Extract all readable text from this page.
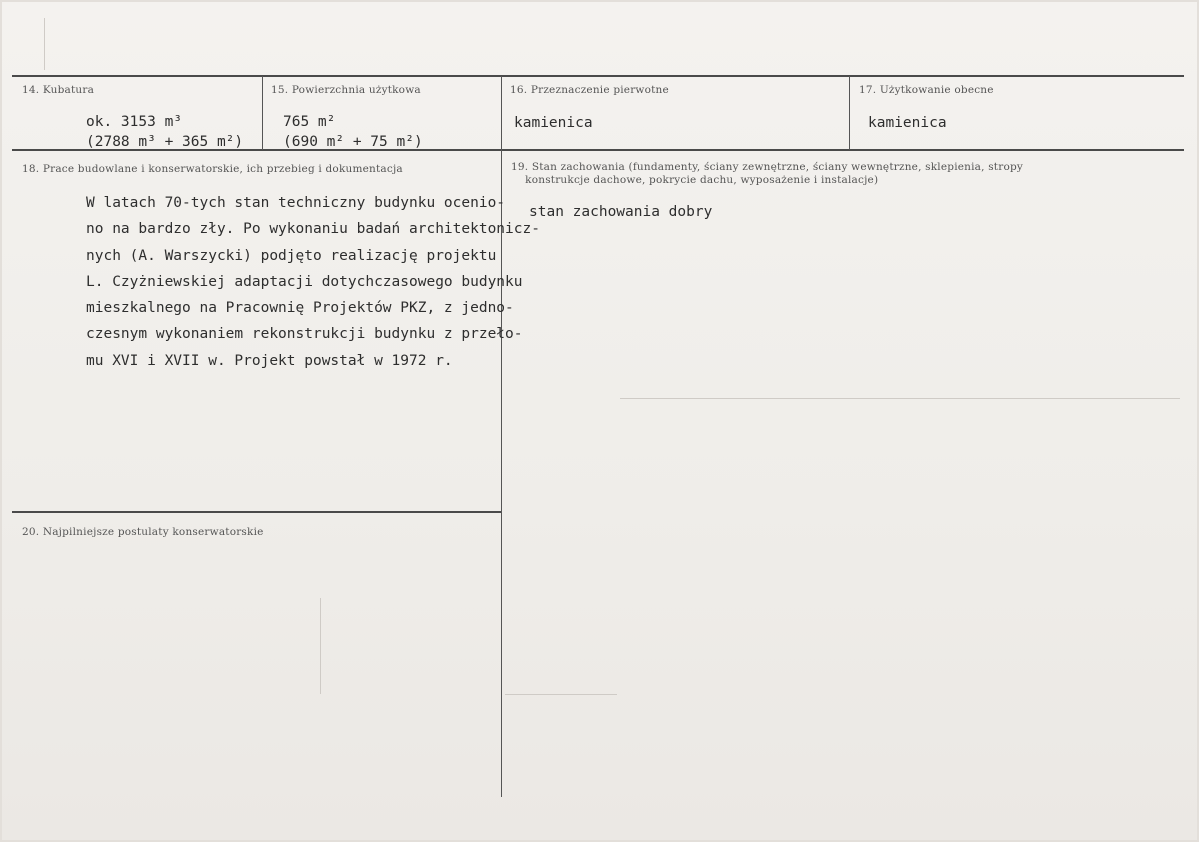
14. Kubatura
ok. 3153 m³
(2788 m³ + 365 m²)
15. Powierzchnia użytkowa
765 m²
(690 m² + 75 m²)
16. Przeznaczenie pierwotne
kamienica
17. Użytkowanie obecne
kamienica
18. Prace budowlane i konserwatorskie, ich przebieg i dokumentacja
W latach 70-tych stan techniczny budynku ocenio-
no na bardzo zły. Po wykonaniu badań architektonicz-
nych (A. Warszycki) podjęto realizację projektu
L. Czyżniewskiej adaptacji dotychczasowego budynku
mieszkalnego na Pracownię Projektów PKZ, z jedno-
czesnym wykonaniem rekonstrukcji budynku z przeło-
mu XVI i XVII w. Projekt powstał w 1972 r.
19. Stan zachowania (fundamenty, ściany zewnętrzne, ściany wewnętrzne, sklepienia, stropy
konstrukcje dachowe, pokrycie dachu, wyposażenie i instalacje)
stan zachowania dobry
20. Najpilniejsze postulaty konserwatorskie
